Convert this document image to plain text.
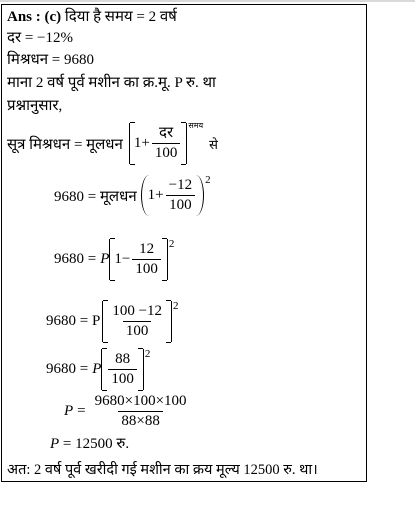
Ans : (c) दिया है समय = 2 वर्ष
दर = −12%
मिश्रधन = 9680
माना 2 वर्ष पूर्व मशीन का क्र.मू. P रु. था
प्रश्नानुसार,
सूत्र मिश्रधन = मूलधन $1+ \frac{\text{दर}}{100} ^{समय}$
से
9680 = मूलधन $1+ \frac{-12}{100} ^2$
9680 = P $1- \frac{12}{100} ^2$
9680 = P $\frac{100 -12}{100} ^2$
9680 = P $\frac{88}{100} ^2$
$P = \frac{9680\times 100\times 100}{88\times 88}$
P = 12500 रु.
अत: 2 वर्ष पूर्व खरीदी गई मशीन का क्रय मूल्य 12500 रु. था।
